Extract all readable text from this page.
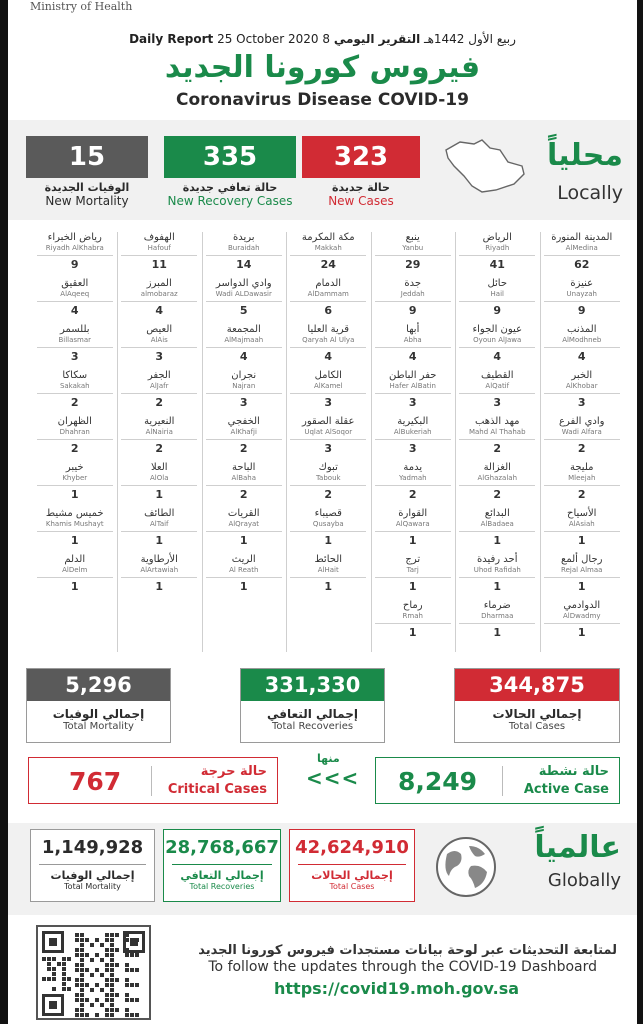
Ministry of Health
Daily Report 25 October 2020 8 ربيع الأول 1442هـ التقرير اليومي
فيروس كورونا الجديد
Coronavirus Disease COVID-19
15
الوفيات الجديدة
New Mortality
335
حالة تعافي جديدة
New Recovery Cases
323
حالة جديدة
New Cases
محلياً
Locally
المدينة المنورة
AlMedina
62
عنيزة
Unayzah
9
المذنب
AlModhneb
4
الخبر
AlKhobar
3
وادي الفرع
Wadi Alfara
2
مليجة
Mleejah
2
الأسياح
AlAsiah
1
رجال ألمع
Rejal Almaa
1
الدوادمي
AlDwadmy
1
الرياض
Riyadh
41
حائل
Hail
9
عيون الجواء
Oyoun AlJawa
4
القطيف
AlQatif
3
مهد الذهب
Mahd Al Thahab
2
الغزالة
AlGhazalah
2
البدائع
AlBadaea
1
أحد رفيدة
Uhod Rafidah
1
ضرماء
Dharmaa
1
ينبع
Yanbu
29
جدة
Jeddah
9
أبها
Abha
4
حفر الباطن
Hafer AlBatin
3
البكيرية
AlBukeriah
3
يدمة
Yadmah
2
القوارة
AlQawara
1
ترج
Tarj
1
رماح
Rmah
1
مكة المكرمة
Makkah
24
الدمام
AlDammam
6
قرية العليا
Qaryah Al Ulya
4
الكامل
AlKamel
3
عقلة الصقور
Uqlat AlSoqor
3
تبوك
Tabouk
2
قصيباء
Qusayba
1
الحائط
AlHait
1
بريدة
Buraidah
14
وادي الدواسر
Wadi ALDawasir
5
المجمعة
AlMajmaah
4
نجران
Najran
3
الخفجي
AlKhafji
2
الباحة
AlBaha
2
القريات
AlQrayat
1
الريث
Al Reath
1
الهفوف
Hafouf
11
المبرز
almobaraz
4
العيص
AlAis
3
الجفر
AlJafr
2
النعيرية
AlNairia
2
العلا
AlOla
1
الطائف
AlTaif
1
الأرطاوية
AlArtawiah
1
رياض الخبراء
Riyadh AlKhabra
9
العقيق
AlAqeeq
4
بللسمر
Billasmar
3
سكاكا
Sakakah
2
الظهران
Dhahran
2
خيبر
Khyber
1
خميس مشيط
Khamis Mushayt
1
الدلم
AlDelm
1
5,296
إجمالي الوفيات
Total Mortality
331,330
إجمالي التعافي
Total Recoveries
344,875
إجمالي الحالات
Total Cases
767	حالة حرجة
Critical Cases
منها
<<< 8,249	حالة نشطة
Active Case
1,149,928
إجمالي الوفيات
Total Mortality
28,768,667
إجمالي التعافي
Total Recoveries
42,624,910
إجمالي الحالات
Total Cases
عالمياً
Globally
لمتابعة التحديثات عبر لوحة بيانات مستجدات فيروس كورونا الجديد
To follow the updates through the COVID-19 Dashboard
https://covid19.moh.gov.sa
